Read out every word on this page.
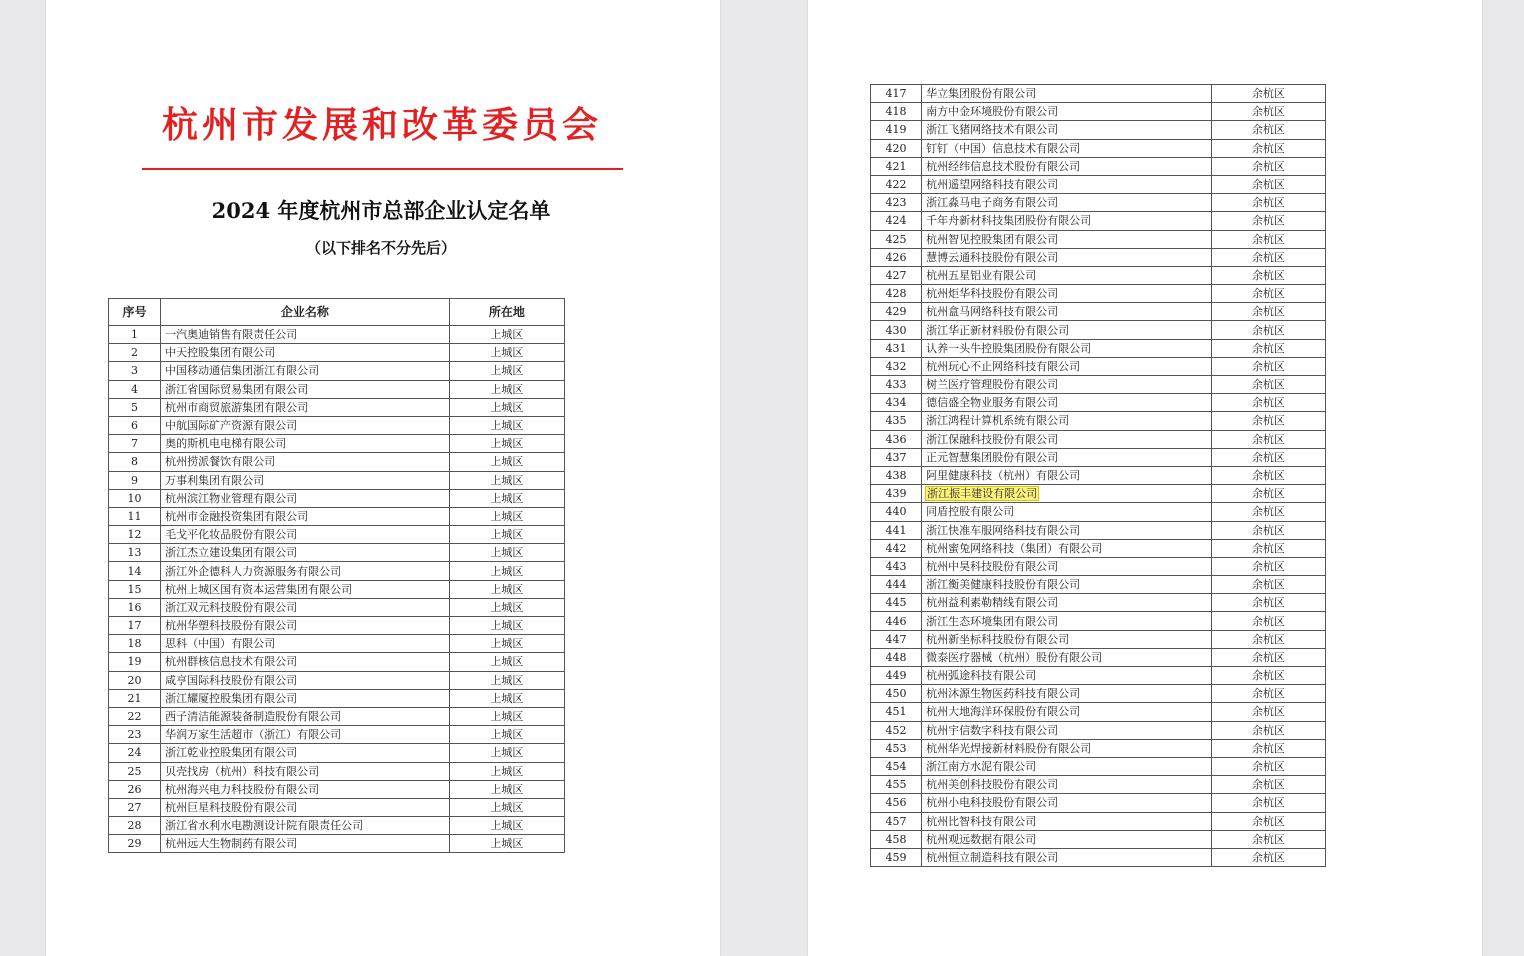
杭州市发展和改革委员会
2024 年度杭州市总部企业认定名单
（以下排名不分先后）
序号	企业名称	所在地
1	一汽奥迪销售有限责任公司	上城区
2	中天控股集团有限公司	上城区
3	中国移动通信集团浙江有限公司	上城区
4	浙江省国际贸易集团有限公司	上城区
5	杭州市商贸旅游集团有限公司	上城区
6	中航国际矿产资源有限公司	上城区
7	奥的斯机电电梯有限公司	上城区
8	杭州捞派餐饮有限公司	上城区
9	万事利集团有限公司	上城区
10	杭州滨江物业管理有限公司	上城区
11	杭州市金融投资集团有限公司	上城区
12	毛戈平化妆品股份有限公司	上城区
13	浙江杰立建设集团有限公司	上城区
14	浙江外企德科人力资源服务有限公司	上城区
15	杭州上城区国有资本运营集团有限公司	上城区
16	浙江双元科技股份有限公司	上城区
17	杭州华塑科技股份有限公司	上城区
18	思科（中国）有限公司	上城区
19	杭州群核信息技术有限公司	上城区
20	咸亨国际科技股份有限公司	上城区
21	浙江耀厦控股集团有限公司	上城区
22	西子清洁能源装备制造股份有限公司	上城区
23	华润万家生活超市（浙江）有限公司	上城区
24	浙江乾业控股集团有限公司	上城区
25	贝壳找房（杭州）科技有限公司	上城区
26	杭州海兴电力科技股份有限公司	上城区
27	杭州巨星科技股份有限公司	上城区
28	浙江省水利水电勘测设计院有限责任公司	上城区
29	杭州远大生物制药有限公司	上城区
417	华立集团股份有限公司	余杭区
418	南方中金环境股份有限公司	余杭区
419	浙江飞猪网络技术有限公司	余杭区
420	钉钉（中国）信息技术有限公司	余杭区
421	杭州经纬信息技术股份有限公司	余杭区
422	杭州遥望网络科技有限公司	余杭区
423	浙江淼马电子商务有限公司	余杭区
424	千年舟新材科技集团股份有限公司	余杭区
425	杭州智见控股集团有限公司	余杭区
426	慧博云通科技股份有限公司	余杭区
427	杭州五星铝业有限公司	余杭区
428	杭州炬华科技股份有限公司	余杭区
429	杭州盒马网络科技有限公司	余杭区
430	浙江华正新材料股份有限公司	余杭区
431	认养一头牛控股集团股份有限公司	余杭区
432	杭州玩心不止网络科技有限公司	余杭区
433	树兰医疗管理股份有限公司	余杭区
434	德信盛全物业服务有限公司	余杭区
435	浙江鸿程计算机系统有限公司	余杭区
436	浙江保融科技股份有限公司	余杭区
437	正元智慧集团股份有限公司	余杭区
438	阿里健康科技（杭州）有限公司	余杭区
439	浙江振丰建设有限公司	余杭区
440	同盾控股有限公司	余杭区
441	浙江快准车服网络科技有限公司	余杭区
442	杭州蜜兔网络科技（集团）有限公司	余杭区
443	杭州中昊科技股份有限公司	余杭区
444	浙江衡美健康科技股份有限公司	余杭区
445	杭州益利素勒精线有限公司	余杭区
446	浙江生态环境集团有限公司	余杭区
447	杭州新坐标科技股份有限公司	余杭区
448	微泰医疗器械（杭州）股份有限公司	余杭区
449	杭州弧途科技有限公司	余杭区
450	杭州沐源生物医药科技有限公司	余杭区
451	杭州大地海洋环保股份有限公司	余杭区
452	杭州宇信数字科技有限公司	余杭区
453	杭州华光焊接新材料股份有限公司	余杭区
454	浙江南方水泥有限公司	余杭区
455	杭州美创科技股份有限公司	余杭区
456	杭州小电科技股份有限公司	余杭区
457	杭州比智科技有限公司	余杭区
458	杭州观远数据有限公司	余杭区
459	杭州恒立制造科技有限公司	余杭区
